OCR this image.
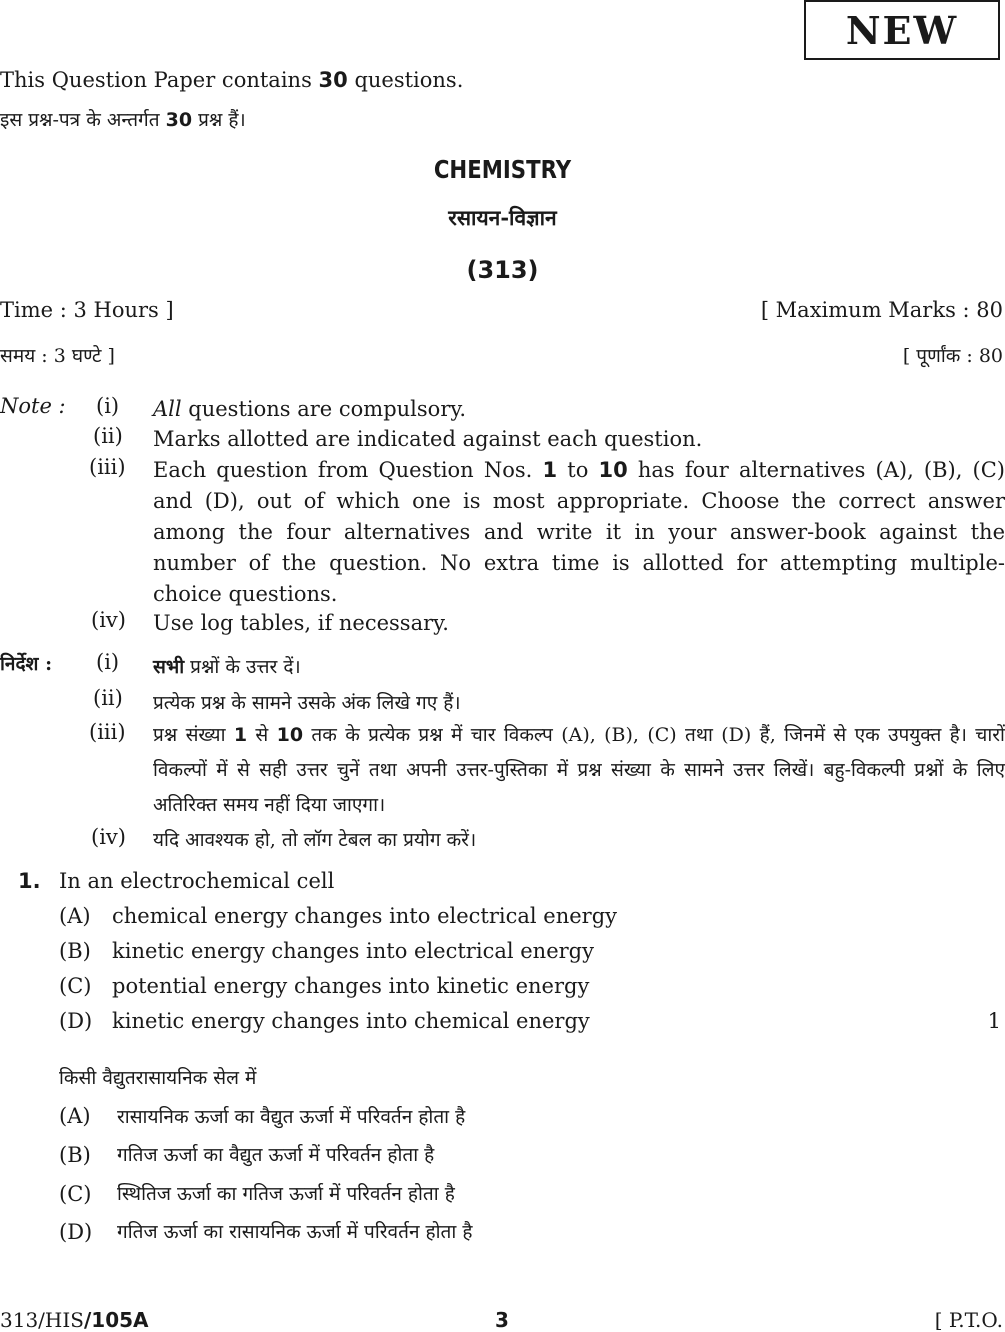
NEW
This Question Paper contains 30 questions.
इस प्रश्न-पत्र के अन्तर्गत 30 प्रश्न हैं।
CHEMISTRY
रसायन-विज्ञान
(313)
Time : 3 Hours ]	[ Maximum Marks : 80
समय : 3 घण्टे ]	[ पूर्णांक : 80
Note : (i) All questions are compulsory.
(ii) Marks allotted are indicated against each question.
(iii) Each question from Question Nos. 1 to 10 has four alternatives (A), (B), (C) and (D), out of which one is most appropriate. Choose the correct answer among the four alternatives and write it in your answer-book against the number of the question. No extra time is allotted for attempting multiple-choice questions.
(iv) Use log tables, if necessary.
निर्देश : (i) सभी प्रश्नों के उत्तर दें।
(ii) प्रत्येक प्रश्न के सामने उसके अंक लिखे गए हैं।
(iii) प्रश्न संख्या 1 से 10 तक के प्रत्येक प्रश्न में चार विकल्प (A), (B), (C) तथा (D) हैं, जिनमें से एक उपयुक्त है। चारों विकल्पों में से सही उत्तर चुनें तथा अपनी उत्तर-पुस्तिका में प्रश्न संख्या के सामने उत्तर लिखें। बहु-विकल्पी प्रश्नों के लिए अतिरिक्त समय नहीं दिया जाएगा।
(iv) यदि आवश्यक हो, तो लॉग टेबल का प्रयोग करें।
1. In an electrochemical cell
(A) chemical energy changes into electrical energy
(B) kinetic energy changes into electrical energy
(C) potential energy changes into kinetic energy
(D) kinetic energy changes into chemical energy	1
किसी वैद्युतरासायनिक सेल में
(A) रासायनिक ऊर्जा का वैद्युत ऊर्जा में परिवर्तन होता है
(B) गतिज ऊर्जा का वैद्युत ऊर्जा में परिवर्तन होता है
(C) स्थितिज ऊर्जा का गतिज ऊर्जा में परिवर्तन होता है
(D) गतिज ऊर्जा का रासायनिक ऊर्जा में परिवर्तन होता है
313/HIS/105A	3	[ P.T.O.
